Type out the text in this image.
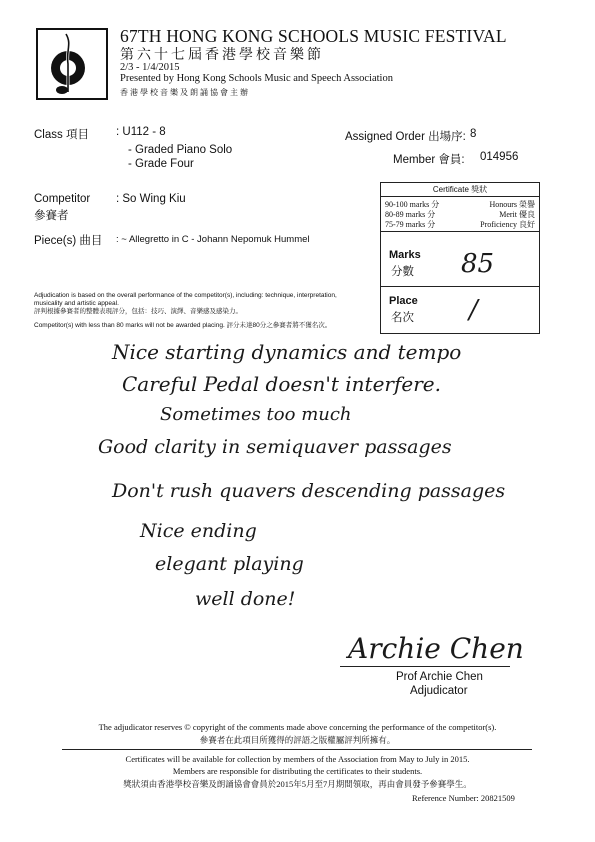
67TH HONG KONG SCHOOLS MUSIC FESTIVAL
第六十七屆香港學校音樂節
2/3 - 1/4/2015
Presented by Hong Kong Schools Music and Speech Association
香港學校音樂及朗誦協會主辦
Class 項目 : U112 - 8
- Graded Piano Solo
- Grade Four
Assigned Order 出場序: 8
Member 會員: 014956
Competitor
參賽者
: So Wing Kiu
Piece(s) 曲目 : ~ Allegretto in C - Johann Nepomuk Hummel
Certificate 獎狀
90-100 marks 分	Honours 榮譽
80-89 marks 分	Merit 優良
75-79 marks 分	Proficiency 良好
Marks
分數 85
Place
名次 /
Adjudication is based on the overall performance of the competitor(s), including: technique, interpretation, musicality and artistic appeal.
評判根據參賽者的整體表現評分，包括：技巧、演繹、音樂感及感染力。
Competitor(s) with less than 80 marks will not be awarded placing. 評分未達80分之參賽者將不獲名次。
Nice starting dynamics and tempo
Careful Pedal doesn't interfere.
Sometimes too much
Good clarity in semiquaver passages
Don't rush quavers descending passages
Nice ending
elegant playing
well done!
Archie Chen
Prof Archie Chen
Adjudicator
The adjudicator reserves © copyright of the comments made above concerning the performance of the competitor(s).
參賽者在此項目所獲得的評語之版權屬評判所擁有。
Certificates will be available for collection by members of the Association from May to July in 2015.
Members are responsible for distributing the certificates to their students.
獎狀須由香港學校音樂及朗誦協會會員於2015年5月至7月期間領取，再由會員發予參賽學生。
Reference Number: 20821509
